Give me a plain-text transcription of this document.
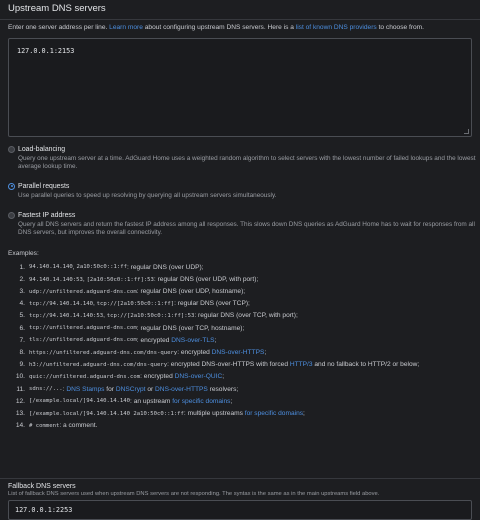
Upstream DNS servers
Enter one server address per line. Learn more about configuring upstream DNS servers. Here is a list of known DNS providers to choose from.
127.0.0.1:2153
Load-balancing
Query one upstream server at a time. AdGuard Home uses a weighted random algorithm to select servers with the lowest number of failed lookups and the lowest average lookup time.
Parallel requests
Use parallel queries to speed up resolving by querying all upstream servers simultaneously.
Fastest IP address
Query all DNS servers and return the fastest IP address among all responses. This slows down DNS queries as AdGuard Home has to wait for responses from all DNS servers, but improves the overall connectivity.
Examples:
1. 94.140.14.140 , 2a10:50c0::1:ff : regular DNS (over UDP);
2. 94.140.14.140:53 , [2a10:50c0::1:ff]:53 : regular DNS (over UDP, with port);
3. udp://unfiltered.adguard-dns.com : regular DNS (over UDP, hostname);
4. tcp://94.140.14.140 , tcp://[2a10:50c0::1:ff] : regular DNS (over TCP);
5. tcp://94.140.14.140:53 , tcp://[2a10:50c0::1:ff]:53 : regular DNS (over TCP, with port);
6. tcp://unfiltered.adguard-dns.com : regular DNS (over TCP, hostname);
7. tls://unfiltered.adguard-dns.com : encrypted DNS-over-TLS ;
8. https://unfiltered.adguard-dns.com/dns-query : encrypted DNS-over-HTTPS ;
9. h3://unfiltered.adguard-dns.com/dns-query : encrypted DNS-over-HTTPS with forced HTTP/3 and no fallback to HTTP/2 or below;
10. quic://unfiltered.adguard-dns.com : encrypted DNS-over-QUIC ;
11. sdns://... : DNS Stamps for DNSCrypt or DNS-over-HTTPS resolvers;
12. [/example.local/]94.140.14.140 : an upstream for specific domains ;
13. [/example.local/]94.140.14.140 2a10:50c0::1:ff : multiple upstreams for specific domains ;
14. # comment : a comment.
Fallback DNS servers
List of fallback DNS servers used when upstream DNS servers are not responding. The syntax is the same as in the main upstreams field above.
127.0.0.1:2253
